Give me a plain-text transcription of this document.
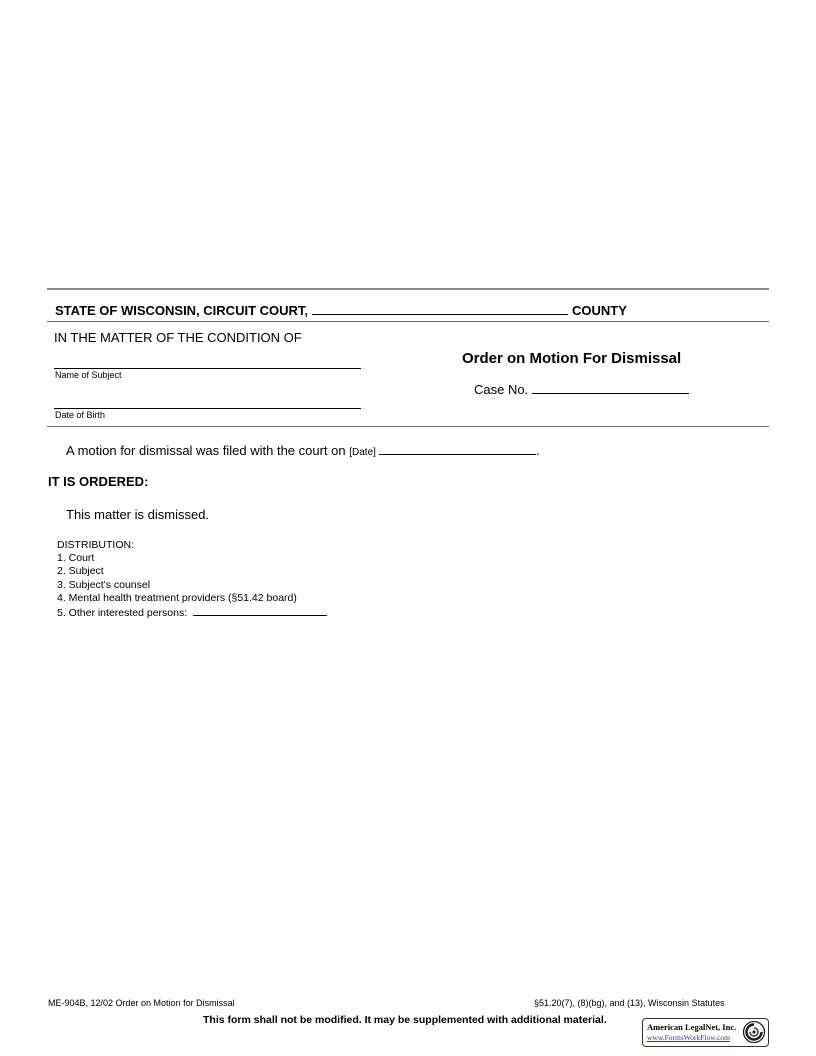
STATE OF WISCONSIN, CIRCUIT COURT,	COUNTY
IN THE MATTER OF THE CONDITION OF
Name of Subject
Date of Birth
Order on Motion For Dismissal
Case No.
A motion for dismissal was filed with the court on [Date]	.
IT IS ORDERED:
This matter is dismissed.
DISTRIBUTION:
1. Court
2. Subject
3. Subject's counsel
4. Mental health treatment providers (§51.42 board)
5. Other interested persons:
ME-904B, 12/02 Order on Motion for Dismissal	§51.20(7), (8)(bg), and (13), Wisconsin Statutes
This form shall not be modified. It may be supplemented with additional material.
American LegalNet, Inc.
www.FormsWorkFlow.com
